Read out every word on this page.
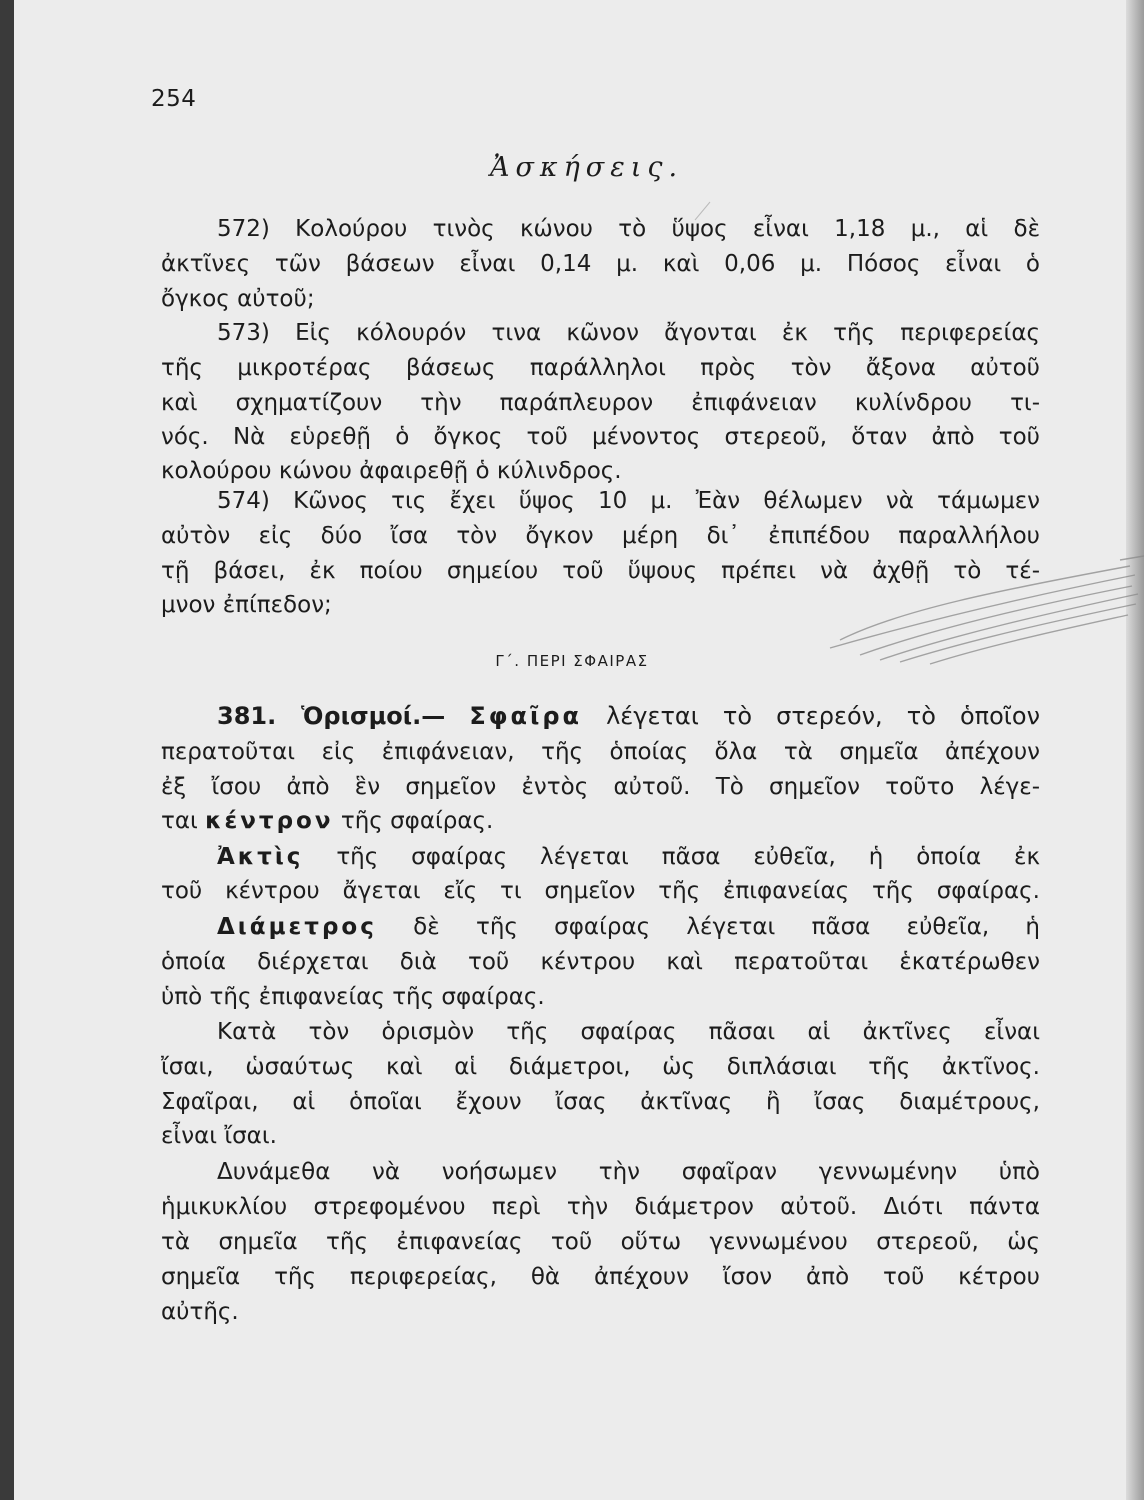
254
Ἀσκήσεις.
572) Κολούρου τινὸς κώνου τὸ ὕψος εἶναι 1,18 μ., αἱ δὲ
ἀκτῖνες τῶν βάσεων εἶναι 0,14 μ. καὶ 0,06 μ. Πόσος εἶναι ὁ
ὄγκος αὐτοῦ;
573) Εἰς κόλουρόν τινα κῶνον ἄγονται ἐκ τῆς περιφερείας
τῆς μικροτέρας βάσεως παράλληλοι πρὸς τὸν ἄξονα αὐτοῦ
καὶ σχηματίζουν τὴν παράπλευρον ἐπιφάνειαν κυλίνδρου τι-
νός. Νὰ εὑρεθῇ ὁ ὄγκος τοῦ μένοντος στερεοῦ, ὅταν ἀπὸ τοῦ
κολούρου κώνου ἀφαιρεθῇ ὁ κύλινδρος.
574) Κῶνος τις ἔχει ὕψος 10 μ. Ἐὰν θέλωμεν νὰ τάμωμεν
αὐτὸν εἰς δύο ἴσα τὸν ὄγκον μέρη δι᾿ ἐπιπέδου παραλλήλου
τῇ βάσει, ἐκ ποίου σημείου τοῦ ὕψους πρέπει νὰ ἀχθῇ τὸ τέ-
μνον ἐπίπεδον;
Γ΄. ΠΕΡΙ ΣΦΑΙΡΑΣ
381. Ὁρισμοί.— Σφαῖρα λέγεται τὸ στερεόν, τὸ ὁποῖον
περατοῦται εἰς ἐπιφάνειαν, τῆς ὁποίας ὅλα τὰ σημεῖα ἀπέχουν
ἐξ ἴσου ἀπὸ ἓν σημεῖον ἐντὸς αὐτοῦ. Τὸ σημεῖον τοῦτο λέγε-
ται κέντρον τῆς σφαίρας.
Ἀκτὶς τῆς σφαίρας λέγεται πᾶσα εὐθεῖα, ἡ ὁποία ἐκ
τοῦ κέντρου ἄγεται εἴς τι σημεῖον τῆς ἐπιφανείας τῆς σφαίρας.
Διάμετρος δὲ τῆς σφαίρας λέγεται πᾶσα εὐθεῖα, ἡ
ὁποία διέρχεται διὰ τοῦ κέντρου καὶ περατοῦται ἑκατέρωθεν
ὑπὸ τῆς ἐπιφανείας τῆς σφαίρας.
Κατὰ τὸν ὁρισμὸν τῆς σφαίρας πᾶσαι αἱ ἀκτῖνες εἶναι
ἴσαι, ὡσαύτως καὶ αἱ διάμετροι, ὡς διπλάσιαι τῆς ἀκτῖνος.
Σφαῖραι, αἱ ὁποῖαι ἔχουν ἴσας ἀκτῖνας ἢ ἴσας διαμέτρους,
εἶναι ἴσαι.
Δυνάμεθα νὰ νοήσωμεν τὴν σφαῖραν γεννωμένην ὑπὸ
ἡμικυκλίου στρεφομένου περὶ τὴν διάμετρον αὐτοῦ. Διότι πάντα
τὰ σημεῖα τῆς ἐπιφανείας τοῦ οὕτω γεννωμένου στερεοῦ, ὡς
σημεῖα τῆς περιφερείας, θὰ ἀπέχουν ἴσον ἀπὸ τοῦ κέτρου
αὐτῆς.
